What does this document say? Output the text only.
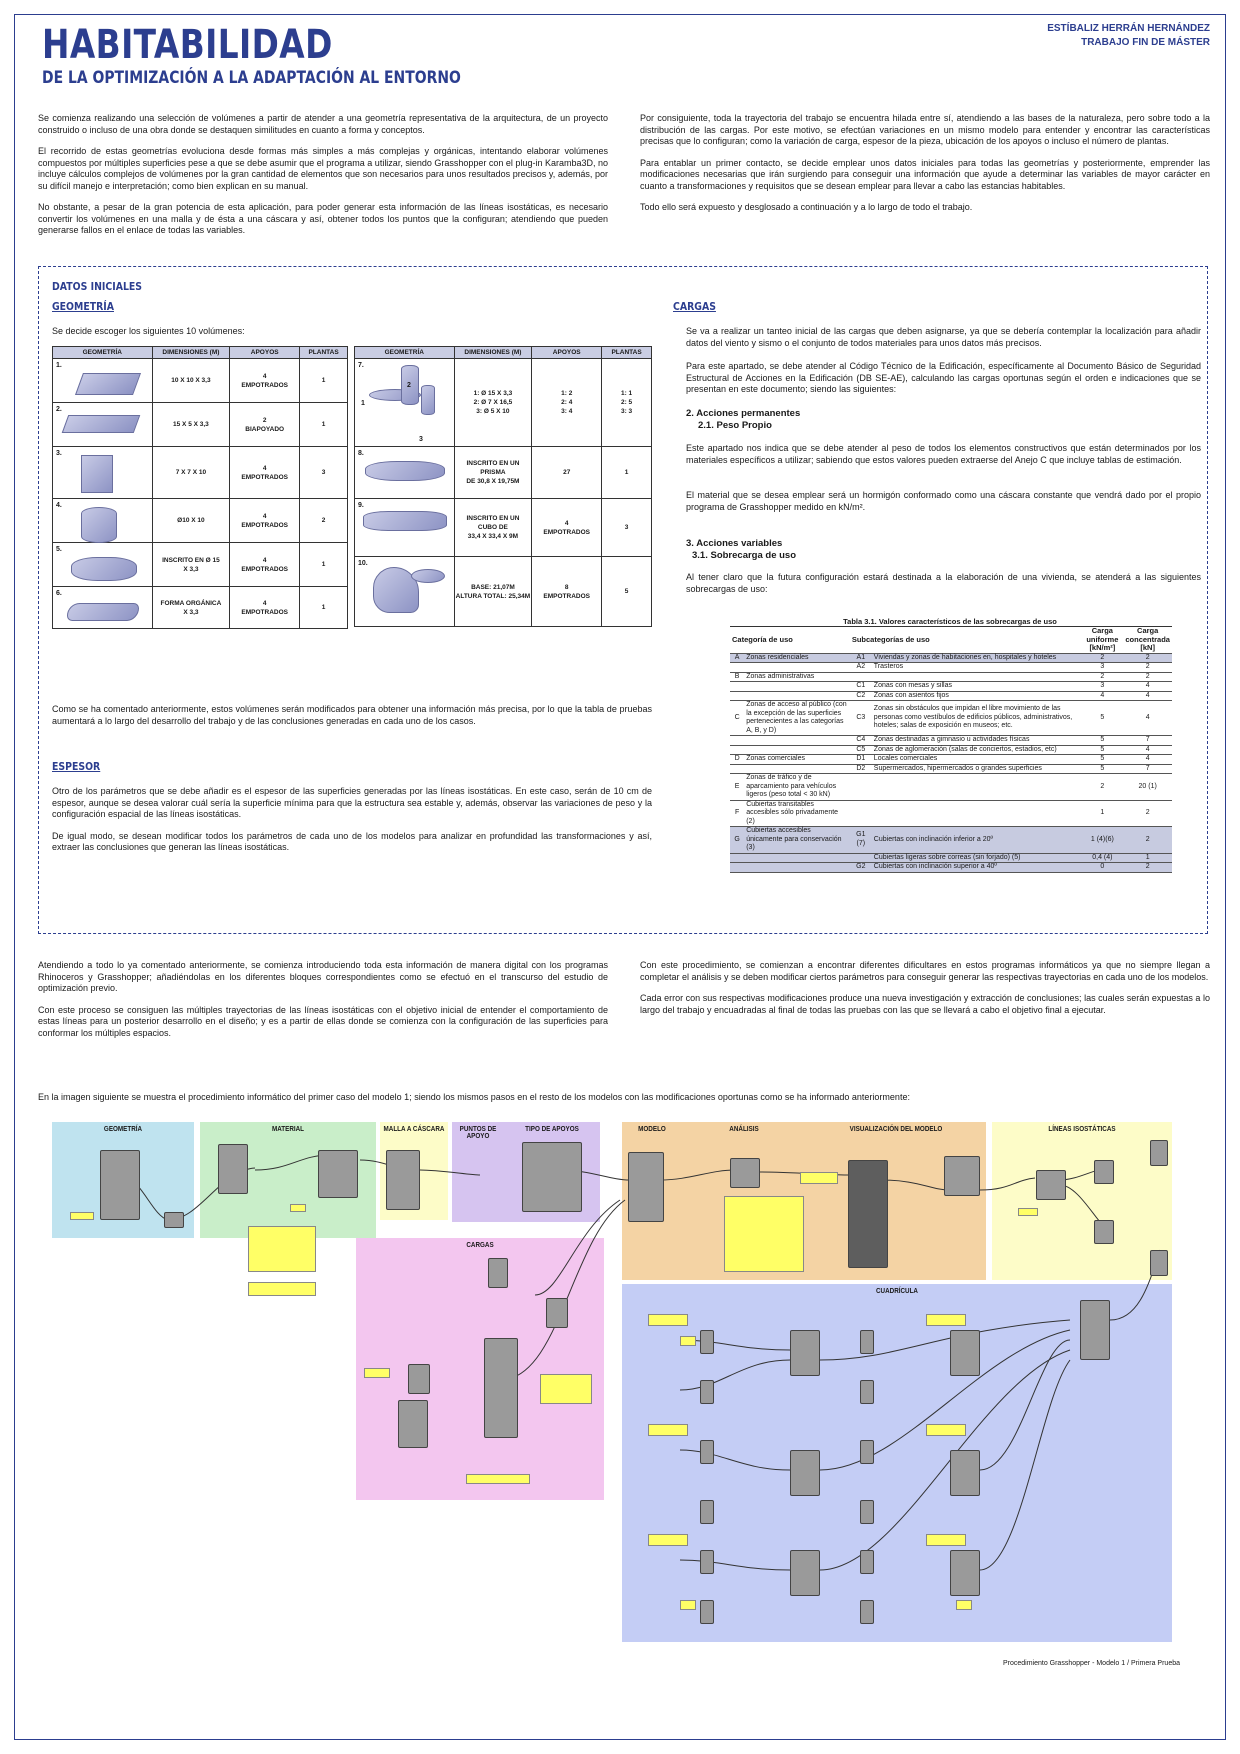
HABITABILIDAD
DE LA OPTIMIZACIÓN A LA ADAPTACIÓN AL ENTORNO
ESTÍBALIZ HERRÁN HERNÁNDEZ
TRABAJO FIN DE MÁSTER

Se comienza realizando una selección de volúmenes a partir de atender a una geometría representativa de la arquitectura, de un proyecto construido o incluso de una obra donde se destaquen similitudes en cuanto a forma y conceptos.

El recorrido de estas geometrías evoluciona desde formas más simples a más complejas y orgánicas, intentando elaborar volúmenes compuestos por múltiples superficies pese a que se debe asumir que el programa a utilizar, siendo Grasshopper con el plug-in Karamba3D, no incluye cálculos complejos de volúmenes por la gran cantidad de elementos que son necesarios para unos resultados precisos y, además, por su difícil manejo e interpretación; como bien explican en su manual.

No obstante, a pesar de la gran potencia de esta aplicación, para poder generar esta información de las líneas isostáticas, es necesario convertir los volúmenes en una malla y de ésta a una cáscara y así, obtener todos los puntos que la configuran; atendiendo que pueden generarse fallos en el enlace de todas las variables.

Por consiguiente, toda la trayectoria del trabajo se encuentra hilada entre sí, atendiendo a las bases de la naturaleza, pero sobre todo a la distribución de las cargas. Por este motivo, se efectúan variaciones en un mismo modelo para entender y encontrar las características precisas que lo configuran; como la variación de carga, espesor de la pieza, ubicación de los apoyos o incluso el número de plantas.

Para entablar un primer contacto, se decide emplear unos datos iniciales para todas las geometrías y posteriormente, emprender las modificaciones necesarias que irán surgiendo para conseguir una información que ayude a determinar las variables de mayor carácter en cuanto a transformaciones y requisitos que se desean emplear para llevar a cabo las estancias habitables.

Todo ello será expuesto y desglosado a continuación y a lo largo de todo el trabajo.

DATOS INICIALES
GEOMETRÍA
Se decide escoger los siguientes 10 volúmenes:
GEOMETRÍA	DIMENSIONES (M)	APOYOS	PLANTAS

1.	10 X 10 X 3,3	4
EMPOTRADOS	1

2.	15 X 5 X 3,3	2
BIAPOYADO	1

3.	7 X 7 X 10	4
EMPOTRADOS	3

4.	Ø10 X 10	4
EMPOTRADOS	2

5.	INSCRITO EN Ø 15
X 3,3	4
EMPOTRADOS	1

6.	FORMA ORGÁNICA
X 3,3	4
EMPOTRADOS	1
GEOMETRÍA	DIMENSIONES (M)	APOYOS	PLANTAS

7.
1
2
3	1: Ø 15 X 3,3
2: Ø 7 X 16,5
3: Ø 5 X 10	1: 2
2: 4
3: 4	1: 1
2: 5
3: 3

8.	INSCRITO EN UN PRISMA
DE 30,8 X 19,75M	27	1

9.	INSCRITO EN UN
CUBO DE
33,4 X 33,4 X 9M	4
EMPOTRADOS	3

10.	BASE: 21,07M
ALTURA TOTAL: 25,34M	8
EMPOTRADOS	5
Como se ha comentado anteriormente, estos volúmenes serán modificados para obtener una información más precisa, por lo que la tabla de pruebas aumentará a lo largo del desarrollo del trabajo y de las conclusiones generadas en cada uno de los casos.
ESPESOR

Otro de los parámetros que se debe añadir es el espesor de las superficies generadas por las líneas isostáticas. En este caso, serán de 10 cm de espesor, aunque se desea valorar cuál sería la superficie mínima para que la estructura sea estable y, además, observar las variaciones de peso y la configuración espacial de las líneas isostáticas.

De igual modo, se desean modificar todos los parámetros de cada uno de los modelos para analizar en profundidad las transformaciones y así, extraer las conclusiones que generan las líneas isostáticas.

CARGAS
Se va a realizar un tanteo inicial de las cargas que deben asignarse, ya que se debería contemplar la localización para añadir datos del viento y sismo o el conjunto de todos materiales para unos datos más precisos.
Para este apartado, se debe atender al Código Técnico de la Edificación, específicamente al Documento Básico de Seguridad Estructural de Acciones en la Edificación (DB SE-AE), calculando las cargas oportunas según el orden e indicaciones que se presentan en este documento; siendo las siguientes:
2. Acciones permanentes
2.1. Peso Propio
Este apartado nos indica que se debe atender al peso de todos los elementos constructivos que están determinados por los materiales específicos a utilizar; sabiendo que estos valores pueden extraerse del Anejo C que incluye tablas de estimación.
El material que se desea emplear será un hormigón conformado como una cáscara constante que vendrá dado por el propio programa de Grasshopper medido en kN/m².
3. Acciones variables
3.1. Sobrecarga de uso
Al tener claro que la futura configuración estará destinada a la elaboración de una vivienda, se atenderá a las siguientes sobrecargas de uso:
Tabla 3.1. Valores característicos de las sobrecargas de uso
Categoría de uso		Subcategorías de uso		Carga uniforme
[kN/m²]	Carga concentrada
[kN]
A	Zonas residenciales	A1	Viviendas y zonas de habitaciones en, hospitales y hoteles	2	2
		A2	Trasteros	3	2
B	Zonas administrativas			2	2
		C1	Zonas con mesas y sillas	3	4
		C2	Zonas con asientos fijos	4	4
C	Zonas de acceso al público (con la excepción de las superficies pertenecientes a las categorías A, B, y D)	C3	Zonas sin obstáculos que impidan el libre movimiento de las personas como vestíbulos de edificios públicos, administrativos, hoteles; salas de exposición en museos; etc.	5	4
		C4	Zonas destinadas a gimnasio u actividades físicas	5	7
		C5	Zonas de aglomeración (salas de conciertos, estadios, etc)	5	4
D	Zonas comerciales	D1	Locales comerciales	5	4
		D2	Supermercados, hipermercados o grandes superficies	5	7
E	Zonas de tráfico y de aparcamiento para vehículos ligeros (peso total < 30 kN)			2	20 (1)
F	Cubiertas transitables accesibles sólo privadamente (2)			1	2
G	Cubiertas accesibles únicamente para conservación (3)	G1 (7)	Cubiertas con inclinación inferior a 20º	1 (4)(6)	2
			Cubiertas ligeras sobre correas (sin forjado) (5)	0,4 (4)	1
		G2	Cubiertas con inclinación superior a 40º	0	2

Atendiendo a todo lo ya comentado anteriormente, se comienza introduciendo toda esta información de manera digital con los programas Rhinoceros y Grasshopper; añadiéndolas en los diferentes bloques correspondientes como se efectuó en el transcurso del estudio de optimización previo.

Con este proceso se consiguen las múltiples trayectorias de las líneas isostáticas con el objetivo inicial de entender el comportamiento de estas líneas para un posterior desarrollo en el diseño; y es a partir de ellas donde se comienza con la configuración de las superficies para conformar los múltiples espacios.

Con este procedimiento, se comienzan a encontrar diferentes dificultares en estos programas informáticos ya que no siempre llegan a completar el análisis y se deben modificar ciertos parámetros para conseguir generar las respectivas trayectorias en cada uno de los modelos.

Cada error con sus respectivas modificaciones produce una nueva investigación y extracción de conclusiones; las cuales serán expuestas a lo largo del trabajo y encuadradas al final de todas las pruebas con las que se llevará a cabo el objetivo final a ejecutar.

En la imagen siguiente se muestra el procedimiento informático del primer caso del modelo 1; siendo los mismos pasos en el resto de los modelos con las modificaciones oportunas como se ha informado anteriormente:
GEOMETRÍA	MATERIAL	MALLA A CÁSCARA	PUNTOS DE APOYO
TIPO DE APOYOS	MODELO	ANÁLISIS	VISUALIZACIÓN DEL MODELO	LÍNEAS ISOSTÁTICAS
CARGAS
CUADRÍCULA
Procedimiento Grasshopper - Modelo 1 / Primera Prueba
